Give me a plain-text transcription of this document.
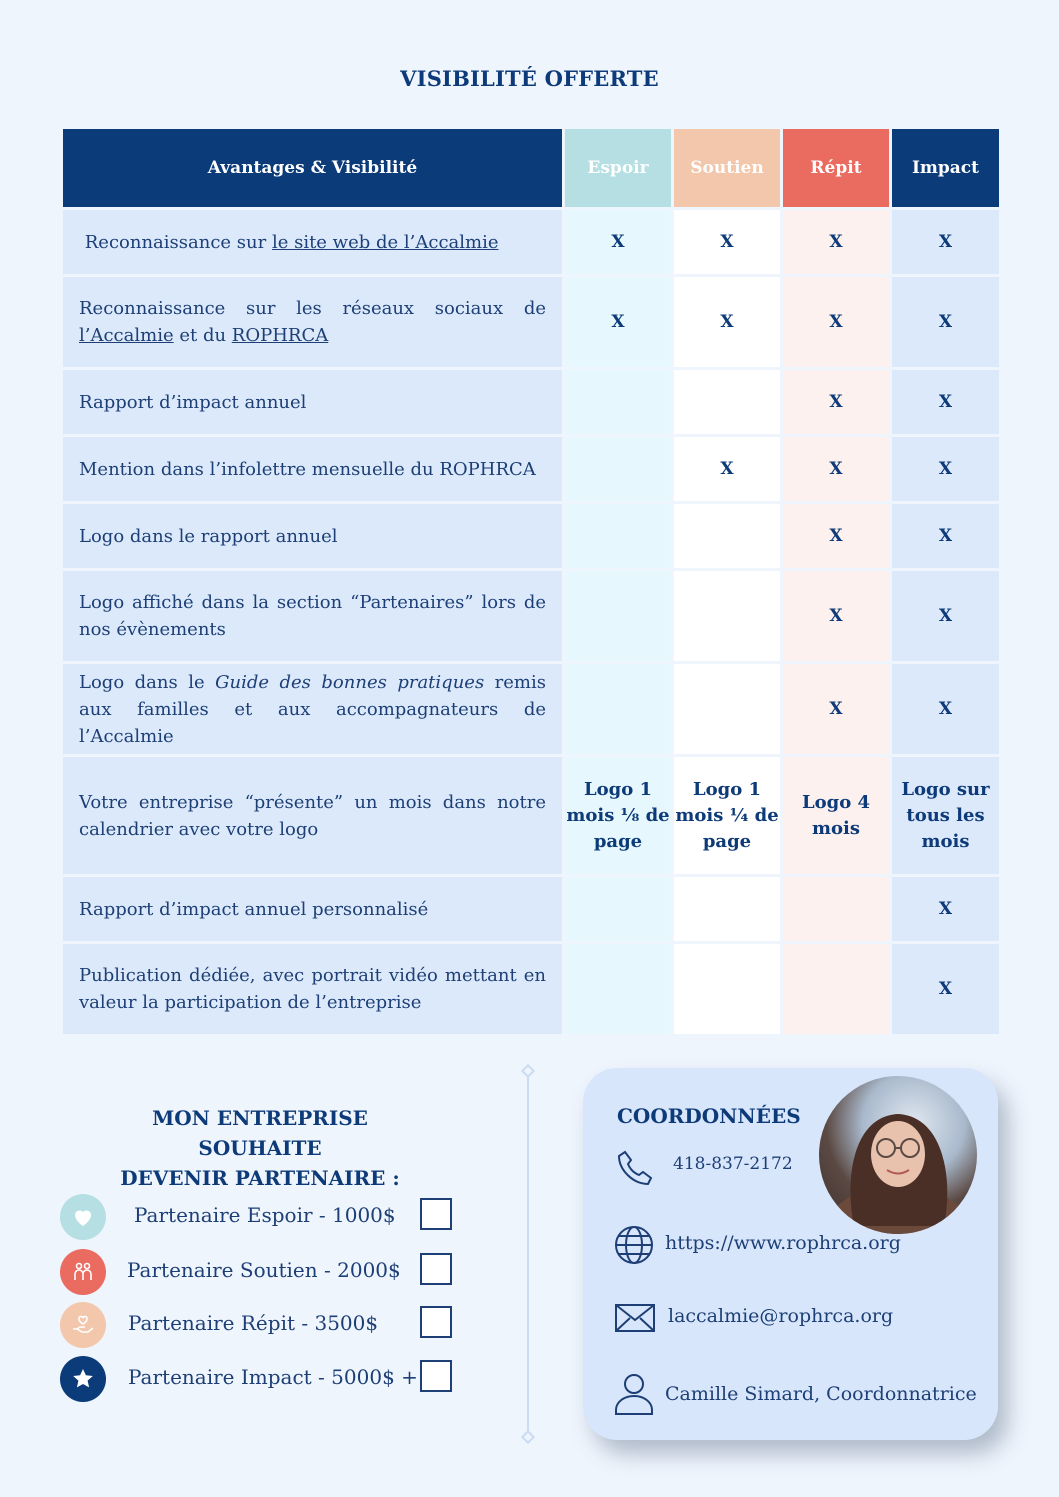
VISIBILITÉ OFFERTE
Avantages & Visibilité	Espoir	Soutien	Répit	Impact
Reconnaissance sur le site web de l’Accalmie	X	X	X	X
Reconnaissance sur les réseaux sociaux de l’Accalmie et du ROPHRCA	X	X	X	X
Rapport d’impact annuel			X	X
Mention dans l’infolettre mensuelle du ROPHRCA		X	X	X
Logo dans le rapport annuel			X	X
Logo affiché dans la section “Partenaires” lors de nos évènements			X	X
Logo dans le Guide des bonnes pratiques remis aux familles et aux accompagnateurs de l’Accalmie			X	X
Votre entreprise “présente” un mois dans notre calendrier avec votre logo	Logo 1 mois ⅛ de page	Logo 1 mois ¼ de page	Logo 4 mois	Logo sur tous les mois
Rapport d’impact annuel personnalisé				X
Publication dédiée, avec portrait vidéo mettant en valeur la participation de l’entreprise				X
MON ENTREPRISE SOUHAITE
DEVENIR PARTENAIRE :
Partenaire Espoir - 1000$
Partenaire Soutien - 2000$
Partenaire Répit - 3500$
Partenaire Impact - 5000$ +
COORDONNÉES
418-837-2172
https://www.rophrca.org
laccalmie@rophrca.org
Camille Simard, Coordonnatrice
